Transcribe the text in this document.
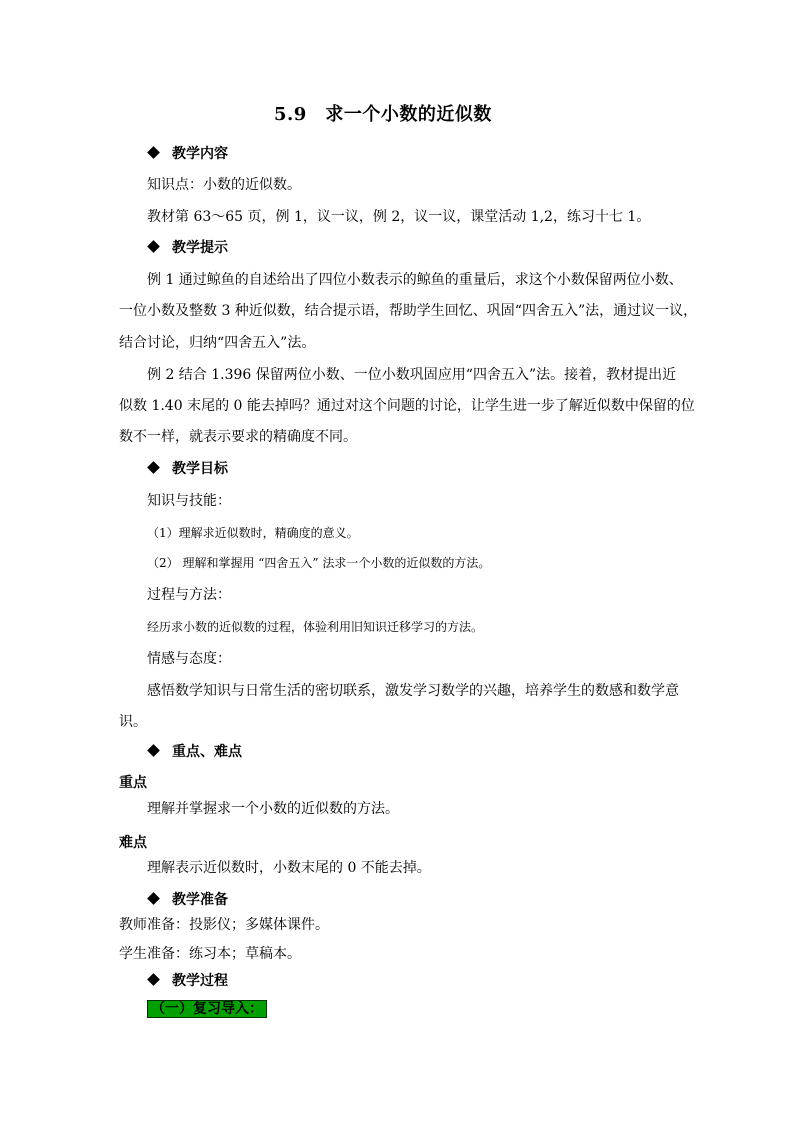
5.9　求一个小数的近似数
教学内容
知识点：小数的近似数。
教材第 63～65 页，例 1，议一议，例 2，议一议，课堂活动 1,2，练习十七 1。
教学提示
例 1 通过鲸鱼的自述给出了四位小数表示的鲸鱼的重量后，求这个小数保留两位小数、
一位小数及整数 3 种近似数，结合提示语，帮助学生回忆、巩固“四舍五入”法，通过议一议，
结合讨论，归纳“四舍五入”法。
例 2 结合 1.396 保留两位小数、一位小数巩固应用“四舍五入”法。接着，教材提出近
似数 1.40 末尾的 0 能去掉吗？通过对这个问题的讨论，让学生进一步了解近似数中保留的位
数不一样，就表示要求的精确度不同。
教学目标
知识与技能：
（1）理解求近似数时，精确度的意义。
（2） 理解和掌握用 “四舍五入” 法求一个小数的近似数的方法。
过程与方法：
经历求小数的近似数的过程，体验利用旧知识迁移学习的方法。
情感与态度：
感悟数学知识与日常生活的密切联系，激发学习数学的兴趣，培养学生的数感和数学意
识。
重点、难点
重点
理解并掌握求一个小数的近似数的方法。
难点
理解表示近似数时，小数末尾的 0 不能去掉。
教学准备
教师准备：投影仪；多媒体课件。
学生准备：练习本；草稿本。
教学过程
（一）复习导入：
